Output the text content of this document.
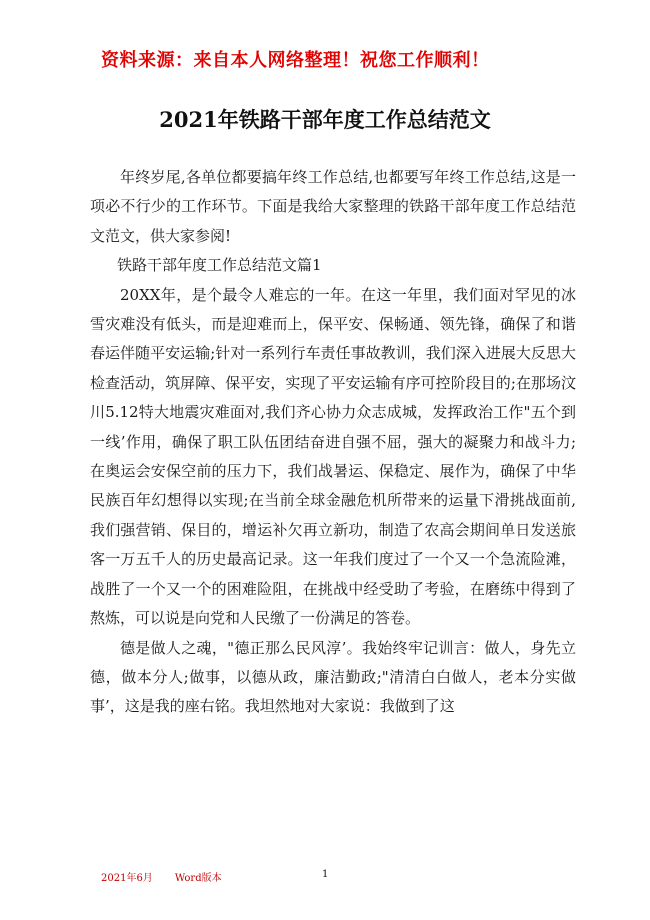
资料来源：来自本人网络整理！祝您工作顺利！
2021年铁路干部年度工作总结范文

年终岁尾,各单位都要搞年终工作总结,也都要写年终工作总结,这是一项必不行少的工作环节。下面是我给大家整理的铁路干部年度工作总结范文范文，供大家参阅!

铁路干部年度工作总结范文篇1

20XX年，是个最令人难忘的一年。在这一年里，我们面对罕见的冰雪灾难没有低头，而是迎难而上，保平安、保畅通、领先锋，确保了和谐春运伴随平安运输;针对一系列行车责任事故教训，我们深入进展大反思大检查活动，筑屏障、保平安，实现了平安运输有序可控阶段目的;在那场汶川5.12特大地震灾难面对,我们齐心协力众志成城，发挥政治工作"五个到一线’作用，确保了职工队伍团结奋进自强不屈，强大的凝聚力和战斗力;在奥运会安保空前的压力下，我们战暑运、保稳定、展作为，确保了中华民族百年幻想得以实现;在当前全球金融危机所带来的运量下滑挑战面前,我们强营销、保目的，增运补欠再立新功，制造了农高会期间单日发送旅客一万五千人的历史最高记录。这一年我们度过了一个又一个急流险滩，战胜了一个又一个的困难险阻，在挑战中经受助了考验，在磨练中得到了熬炼，可以说是向党和人民缴了一份满足的答卷。

德是做人之魂，"德正那么民风淳’。我始终牢记训言：做人，身先立德，做本分人;做事，以德从政，廉洁勤政;"清清白白做人，老本分实做事’，这是我的座右铭。我坦然地对大家说：我做到了这

2021年6月 Word版本	1
